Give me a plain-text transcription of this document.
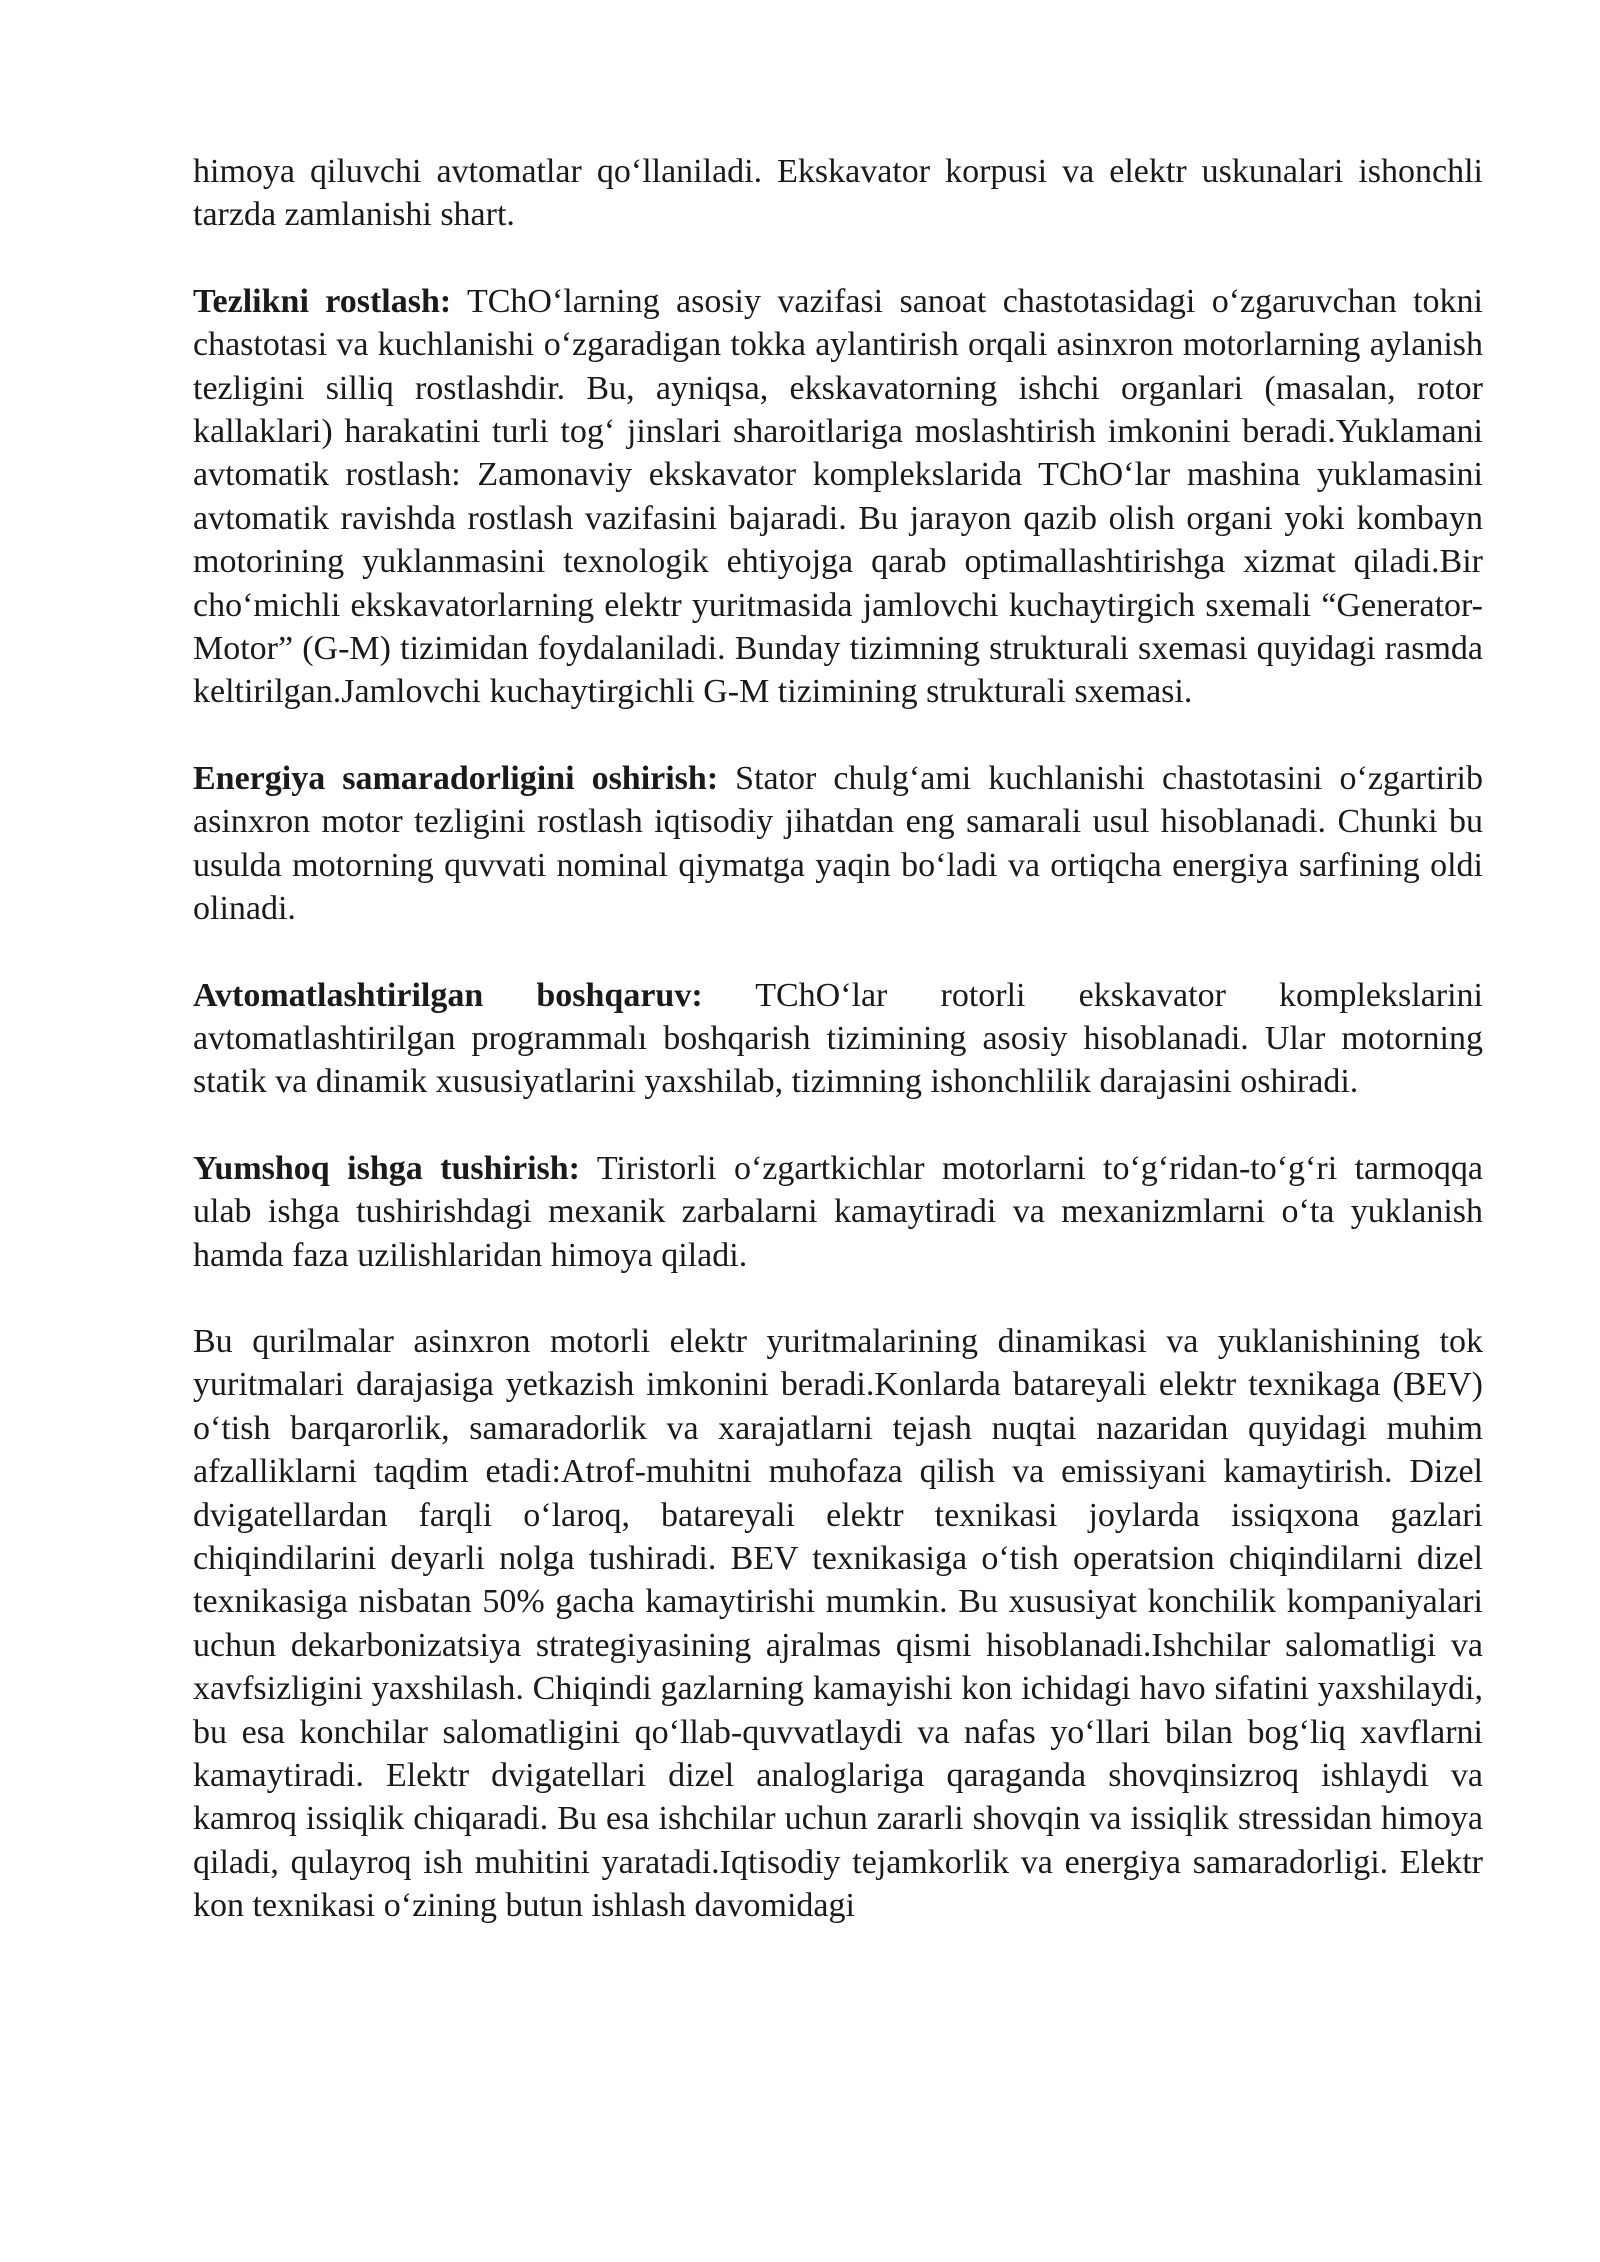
himoya qiluvchi avtomatlar qo‘llaniladi. Ekskavator korpusi va elektr uskunalari ishonchli tarzda zamlanishi shart.

Tezlikni rostlash: TChO‘larning asosiy vazifasi sanoat chastotasidagi o‘zgaruvchan tokni chastotasi va kuchlanishi o‘zgaradigan tokka aylantirish orqali asinxron motorlarning aylanish tezligini silliq rostlashdir. Bu, ayniqsa, ekskavatorning ishchi organlari (masalan, rotor kallaklari) harakatini turli tog‘ jinslari sharoitlariga moslashtirish imkonini beradi.Yuklamani avtomatik rostlash: Zamonaviy ekskavator komplekslarida TChO‘lar mashina yuklamasini avtomatik ravishda rostlash vazifasini bajaradi. Bu jarayon qazib olish organi yoki kombayn motorining yuklanmasini texnologik ehtiyojga qarab optimallashtirishga xizmat qiladi.Bir cho‘michli ekskavatorlarning elektr yuritmasida jamlovchi kuchaytirgich sxemali “Generator-Motor” (G-M) tizimidan foydalaniladi. Bunday tizimning strukturali sxemasi quyidagi rasmda keltirilgan.Jamlovchi kuchaytirgichli G-M tizimining strukturali sxemasi.

Energiya samaradorligini oshirish: Stator chulg‘ami kuchlanishi chastotasini o‘zgartirib asinxron motor tezligini rostlash iqtisodiy jihatdan eng samarali usul hisoblanadi. Chunki bu usulda motorning quvvati nominal qiymatga yaqin bo‘ladi va ortiqcha energiya sarfining oldi olinadi.

Avtomatlashtirilgan boshqaruv: TChO‘lar rotorli ekskavator komplekslarini avtomatlashtirilgan programmalı boshqarish tizimining asosiy hisoblanadi. Ular motorning statik va dinamik xususiyatlarini yaxshilab, tizimning ishonchlilik darajasini oshiradi.

Yumshoq ishga tushirish: Tiristorli o‘zgartkichlar motorlarni to‘g‘ridan-to‘g‘ri tarmoqqa ulab ishga tushirishdagi mexanik zarbalarni kamaytiradi va mexanizmlarni o‘ta yuklanish hamda faza uzilishlaridan himoya qiladi.

Bu qurilmalar asinxron motorli elektr yuritmalarining dinamikasi va yuklanishining tok yuritmalari darajasiga yetkazish imkonini beradi.Konlarda batareyali elektr texnikaga (BEV) o‘tish barqarorlik, samaradorlik va xarajatlarni tejash nuqtai nazaridan quyidagi muhim afzalliklarni taqdim etadi:Atrof-muhitni muhofaza qilish va emissiyani kamaytirish. Dizel dvigatellardan farqli o‘laroq, batareyali elektr texnikasi joylarda issiqxona gazlari chiqindilarini deyarli nolga tushiradi. BEV texnikasiga o‘tish operatsion chiqindilarni dizel texnikasiga nisbatan 50% gacha kamaytirishi mumkin. Bu xususiyat konchilik kompaniyalari uchun dekarbonizatsiya strategiyasining ajralmas qismi hisoblanadi.Ishchilar salomatligi va xavfsizligini yaxshilash. Chiqindi gazlarning kamayishi kon ichidagi havo sifatini yaxshilaydi, bu esa konchilar salomatligini qo‘llab-quvvatlaydi va nafas yo‘llari bilan bog‘liq xavflarni kamaytiradi. Elektr dvigatellari dizel analoglariga qaraganda shovqinsizroq ishlaydi va kamroq issiqlik chiqaradi. Bu esa ishchilar uchun zararli shovqin va issiqlik stressidan himoya qiladi, qulayroq ish muhitini yaratadi.Iqtisodiy tejamkorlik va energiya samaradorligi. Elektr kon texnikasi o‘zining butun ishlash davomidagi
